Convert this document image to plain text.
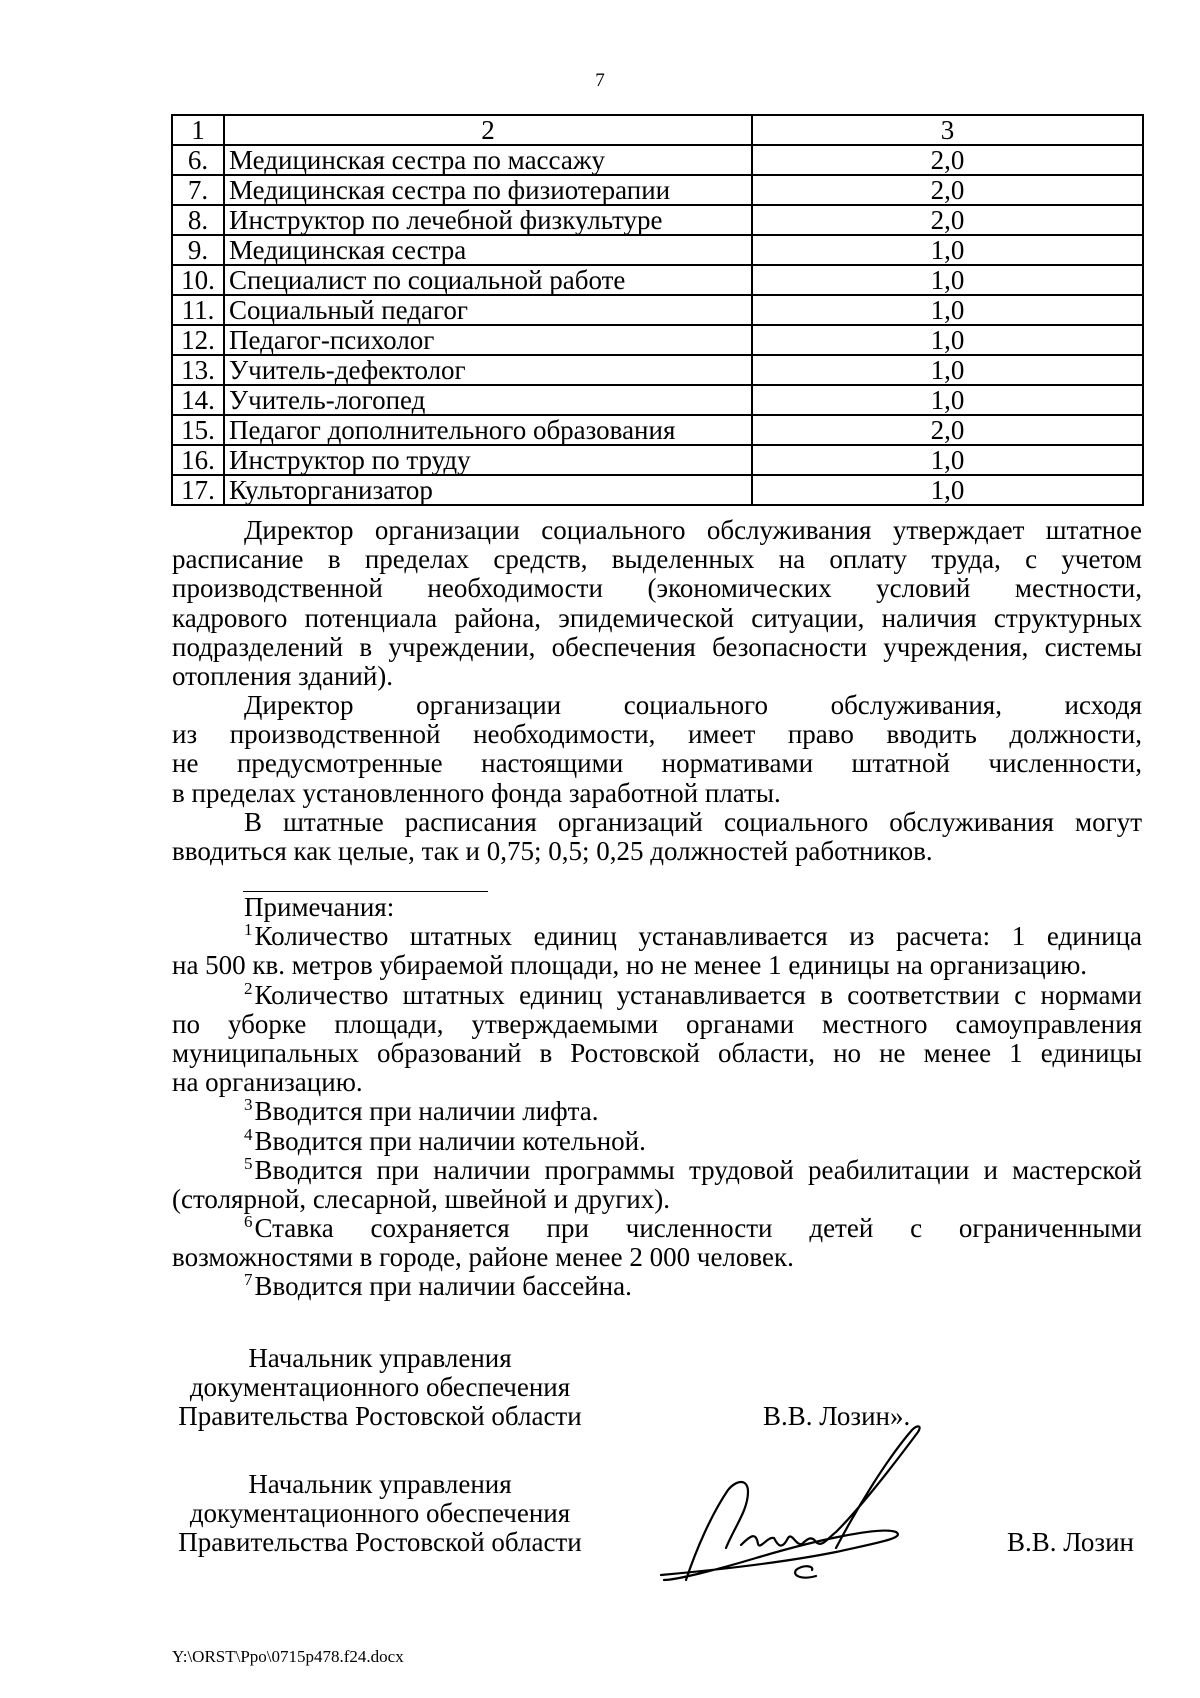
7
1	2	3
6.	Медицинская сестра по массажу	2,0
7.	Медицинская сестра по физиотерапии	2,0
8.	Инструктор по лечебной физкультуре	2,0
9.	Медицинская сестра	1,0
10.	Специалист по социальной работе	1,0
11.	Социальный педагог	1,0
12.	Педагог-психолог	1,0
13.	Учитель-дефектолог	1,0
14.	Учитель-логопед	1,0
15.	Педагог дополнительного образования	2,0
16.	Инструктор по труду	1,0
17.	Культорганизатор	1,0
Директор организации социального обслуживания утверждает штатное
расписание в пределах средств, выделенных на оплату труда, с учетом
производственной необходимости (экономических условий местности,
кадрового потенциала района, эпидемической ситуации, наличия структурных
подразделений в учреждении, обеспечения безопасности учреждения, системы
отопления зданий).
Директор организации социального обслуживания, исходя
из производственной необходимости, имеет право вводить должности,
не предусмотренные настоящими нормативами штатной численности,
в пределах установленного фонда заработной платы.
В штатные расписания организаций социального обслуживания могут
вводиться как целые, так и 0,75; 0,5; 0,25 должностей работников.
Примечания:
$^1$Количество штатных единиц устанавливается из расчета: 1 единица
на 500 кв. метров убираемой площади, но не менее 1 единицы на организацию.
$^2$Количество штатных единиц устанавливается в соответствии с нормами
по уборке площади, утверждаемыми органами местного самоуправления
муниципальных образований в Ростовской области, но не менее 1 единицы
на организацию.
$^3$Вводится при наличии лифта.
$^4$Вводится при наличии котельной.
$^5$Вводится при наличии программы трудовой реабилитации и мастерской
(столярной, слесарной, швейной и других).
$^6$Ставка сохраняется при численности детей с ограниченными
возможностями в городе, районе менее 2 000 человек.
$^7$Вводится при наличии бассейна.
Начальник управления
документационного обеспечения
Правительства Ростовской области	В.В. Лозин».
Начальник управления
документационного обеспечения
Правительства Ростовской области	В.В. Лозин
Y:\ORST\Ppo\0715p478.f24.docx
